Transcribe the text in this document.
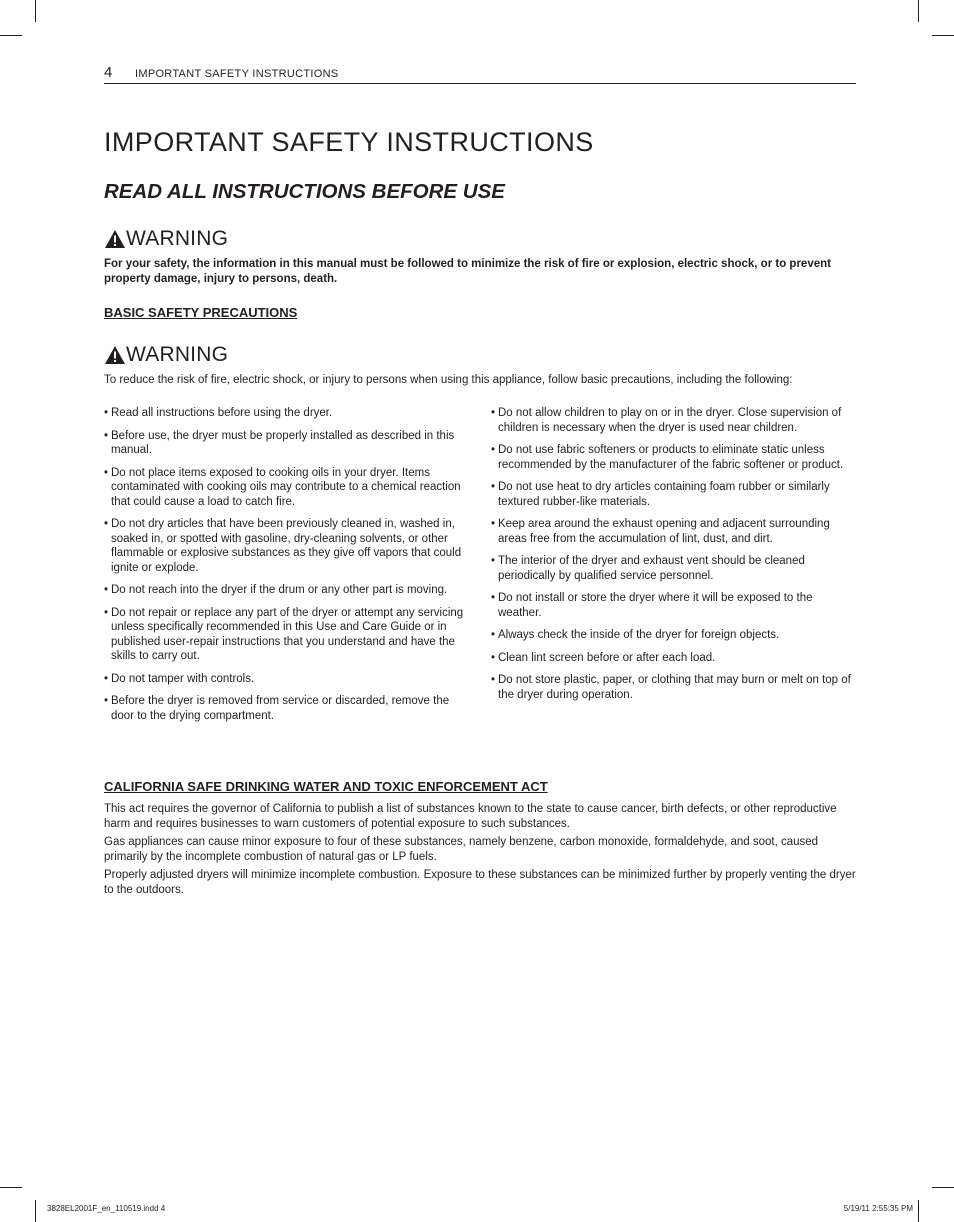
4 IMPORTANT SAFETY INSTRUCTIONS
IMPORTANT SAFETY INSTRUCTIONS
READ ALL INSTRUCTIONS BEFORE USE
WARNING

For your safety, the information in this manual must be followed to minimize the risk of fire or explosion, electric shock, or to prevent property damage, injury to persons, death.

BASIC SAFETY PRECAUTIONS
WARNING

To reduce the risk of fire, electric shock, or injury to persons when using this appliance, follow basic precautions, including the following:

• Read all instructions before using the dryer.
• Before use, the dryer must be properly installed as described in this manual.
• Do not place items exposed to cooking oils in your dryer. Items contaminated with cooking oils may contribute to a chemical reaction that could cause a load to catch fire.
• Do not dry articles that have been previously cleaned in, washed in, soaked in, or spotted with gasoline, dry-cleaning solvents, or other flammable or explosive substances as they give off vapors that could ignite or explode.
• Do not reach into the dryer if the drum or any other part is moving.
• Do not repair or replace any part of the dryer or attempt any servicing unless specifically recommended in this Use and Care Guide or in published user-repair instructions that you understand and have the skills to carry out.
• Do not tamper with controls.
• Before the dryer is removed from service or discarded, remove the door to the drying compartment.
• Do not allow children to play on or in the dryer. Close supervision of children is necessary when the dryer is used near children.
• Do not use fabric softeners or products to eliminate static unless recommended by the manufacturer of the fabric softener or product.
• Do not use heat to dry articles containing foam rubber or similarly textured rubber-like materials.
• Keep area around the exhaust opening and adjacent surrounding areas free from the accumulation of lint, dust, and dirt.
• The interior of the dryer and exhaust vent should be cleaned periodically by qualified service personnel.
• Do not install or store the dryer where it will be exposed to the weather.
• Always check the inside of the dryer for foreign objects.
• Clean lint screen before or after each load.
• Do not store plastic, paper, or clothing that may burn or melt on top of the dryer during operation.
CALIFORNIA SAFE DRINKING WATER AND TOXIC ENFORCEMENT ACT

This act requires the governor of California to publish a list of substances known to the state to cause cancer, birth defects, or other reproductive harm and requires businesses to warn customers of potential exposure to such substances.

Gas appliances can cause minor exposure to four of these substances, namely benzene, carbon monoxide, formaldehyde, and soot, caused primarily by the incomplete combustion of natural gas or LP fuels.

Properly adjusted dryers will minimize incomplete combustion. Exposure to these substances can be minimized further by properly venting the dryer to the outdoors.

3828EL2001F_en_110519.indd 4	5/19/11 2:55:35 PM
